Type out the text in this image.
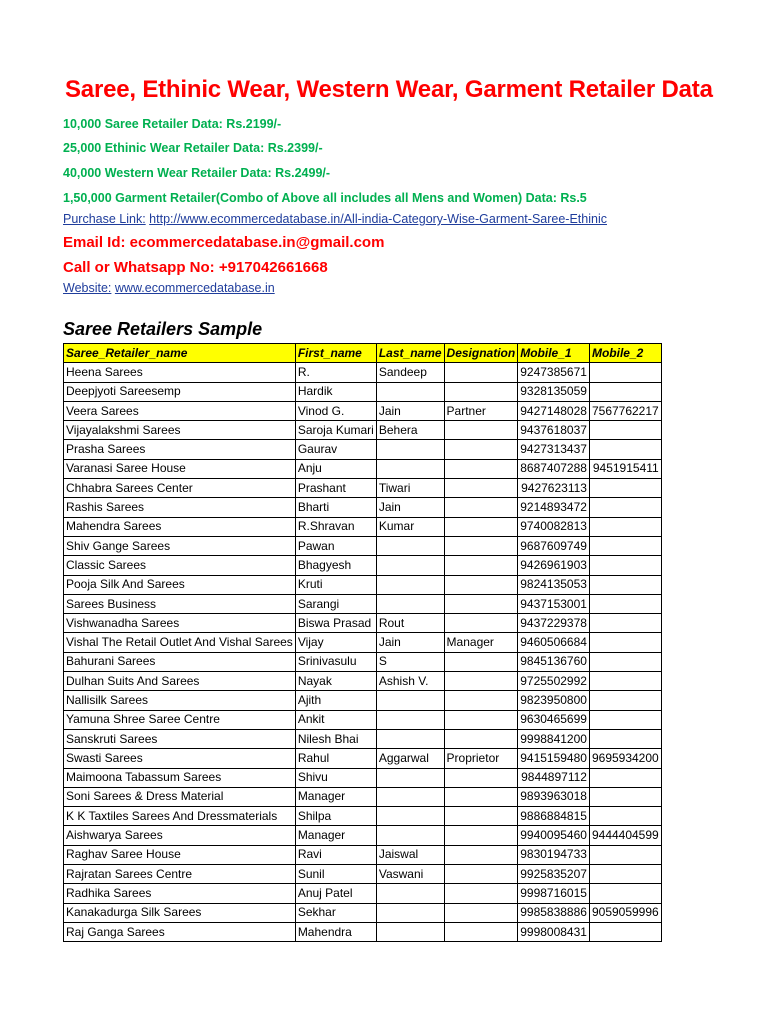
Saree, Ethinic Wear, Western Wear, Garment Retailer Data
10,000 Saree Retailer Data: Rs.2199/-
25,000 Ethinic Wear Retailer Data: Rs.2399/-
40,000 Western Wear Retailer Data: Rs.2499/-
1,50,000 Garment Retailer(Combo of Above all includes all Mens and Women) Data: Rs.5
Purchase Link: http://www.ecommercedatabase.in/All-india-Category-Wise-Garment-Saree-Ethinic
Email Id: ecommercedatabase.in@gmail.com
Call or Whatsapp No: +917042661668
Website: www.ecommercedatabase.in
Saree Retailers Sample
Saree_Retailer_name	First_name	Last_name	Designation	Mobile_1	Mobile_2
Heena Sarees	R.	Sandeep		9247385671	
Deepjyoti Sareesemp	Hardik			9328135059	
Veera Sarees	Vinod G.	Jain	Partner	9427148028	7567762217
Vijayalakshmi Sarees	Saroja Kumari	Behera		9437618037	
Prasha Sarees	Gaurav			9427313437	
Varanasi Saree House	Anju			8687407288	9451915411
Chhabra Sarees Center	Prashant	Tiwari		9427623113	
Rashis Sarees	Bharti	Jain		9214893472	
Mahendra Sarees	R.Shravan	Kumar		9740082813	
Shiv Gange Sarees	Pawan			9687609749	
Classic Sarees	Bhagyesh			9426961903	
Pooja Silk And Sarees	Kruti			9824135053	
Sarees Business	Sarangi			9437153001	
Vishwanadha Sarees	Biswa Prasad	Rout		9437229378	
Vishal The Retail Outlet And Vishal Sarees	Vijay	Jain	Manager	9460506684	
Bahurani Sarees	Srinivasulu	S		9845136760	
Dulhan Suits And Sarees	Nayak	Ashish V.		9725502992	
Nallisilk Sarees	Ajith			9823950800	
Yamuna Shree Saree Centre	Ankit			9630465699	
Sanskruti Sarees	Nilesh Bhai			9998841200	
Swasti Sarees	Rahul	Aggarwal	Proprietor	9415159480	9695934200
Maimoona Tabassum Sarees	Shivu			9844897112	
Soni Sarees & Dress Material	Manager			9893963018	
K K Taxtiles Sarees And Dressmaterials	Shilpa			9886884815	
Aishwarya Sarees	Manager			9940095460	9444404599
Raghav Saree House	Ravi	Jaiswal		9830194733	
Rajratan Sarees Centre	Sunil	Vaswani		9925835207	
Radhika Sarees	Anuj Patel			9998716015	
Kanakadurga Silk Sarees	Sekhar			9985838886	9059059996
Raj Ganga Sarees	Mahendra			9998008431	
